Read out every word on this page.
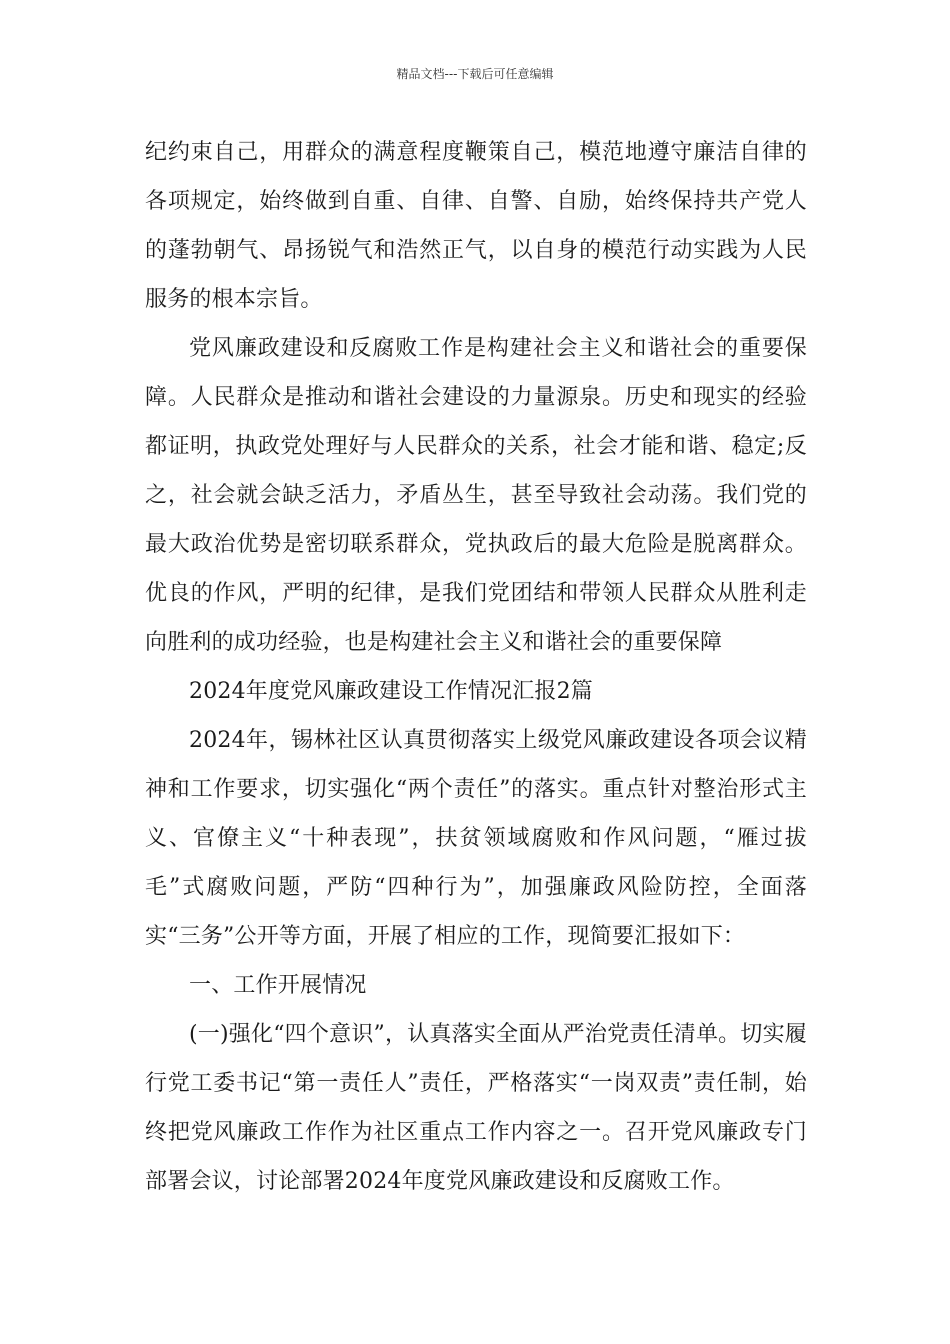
精品文档---下载后可任意编辑

纪约束自己，用群众的满意程度鞭策自己，模范地遵守廉洁自律的各项规定，始终做到自重、自律、自警、自励，始终保持共产党人的蓬勃朝气、昂扬锐气和浩然正气，以自身的模范行动实践为人民服务的根本宗旨。

党风廉政建设和反腐败工作是构建社会主义和谐社会的重要保障。人民群众是推动和谐社会建设的力量源泉。历史和现实的经验都证明，执政党处理好与人民群众的关系，社会才能和谐、稳定;反之，社会就会缺乏活力，矛盾丛生，甚至导致社会动荡。我们党的最大政治优势是密切联系群众，党执政后的最大危险是脱离群众。优良的作风，严明的纪律，是我们党团结和带领人民群众从胜利走向胜利的成功经验，也是构建社会主义和谐社会的重要保障

2024年度党风廉政建设工作情况汇报2篇

2024年，锡林社区认真贯彻落实上级党风廉政建设各项会议精神和工作要求，切实强化“两个责任”的落实。重点针对整治形式主义、官僚主义“十种表现”，扶贫领域腐败和作风问题，“雁过拔毛”式腐败问题，严防“四种行为”，加强廉政风险防控，全面落实“三务”公开等方面，开展了相应的工作，现简要汇报如下：

一、工作开展情况

(一)强化“四个意识”，认真落实全面从严治党责任清单。切实履行党工委书记“第一责任人”责任，严格落实“一岗双责”责任制，始终把党风廉政工作作为社区重点工作内容之一。召开党风廉政专门部署会议，讨论部署2024年度党风廉政建设和反腐败工作。
